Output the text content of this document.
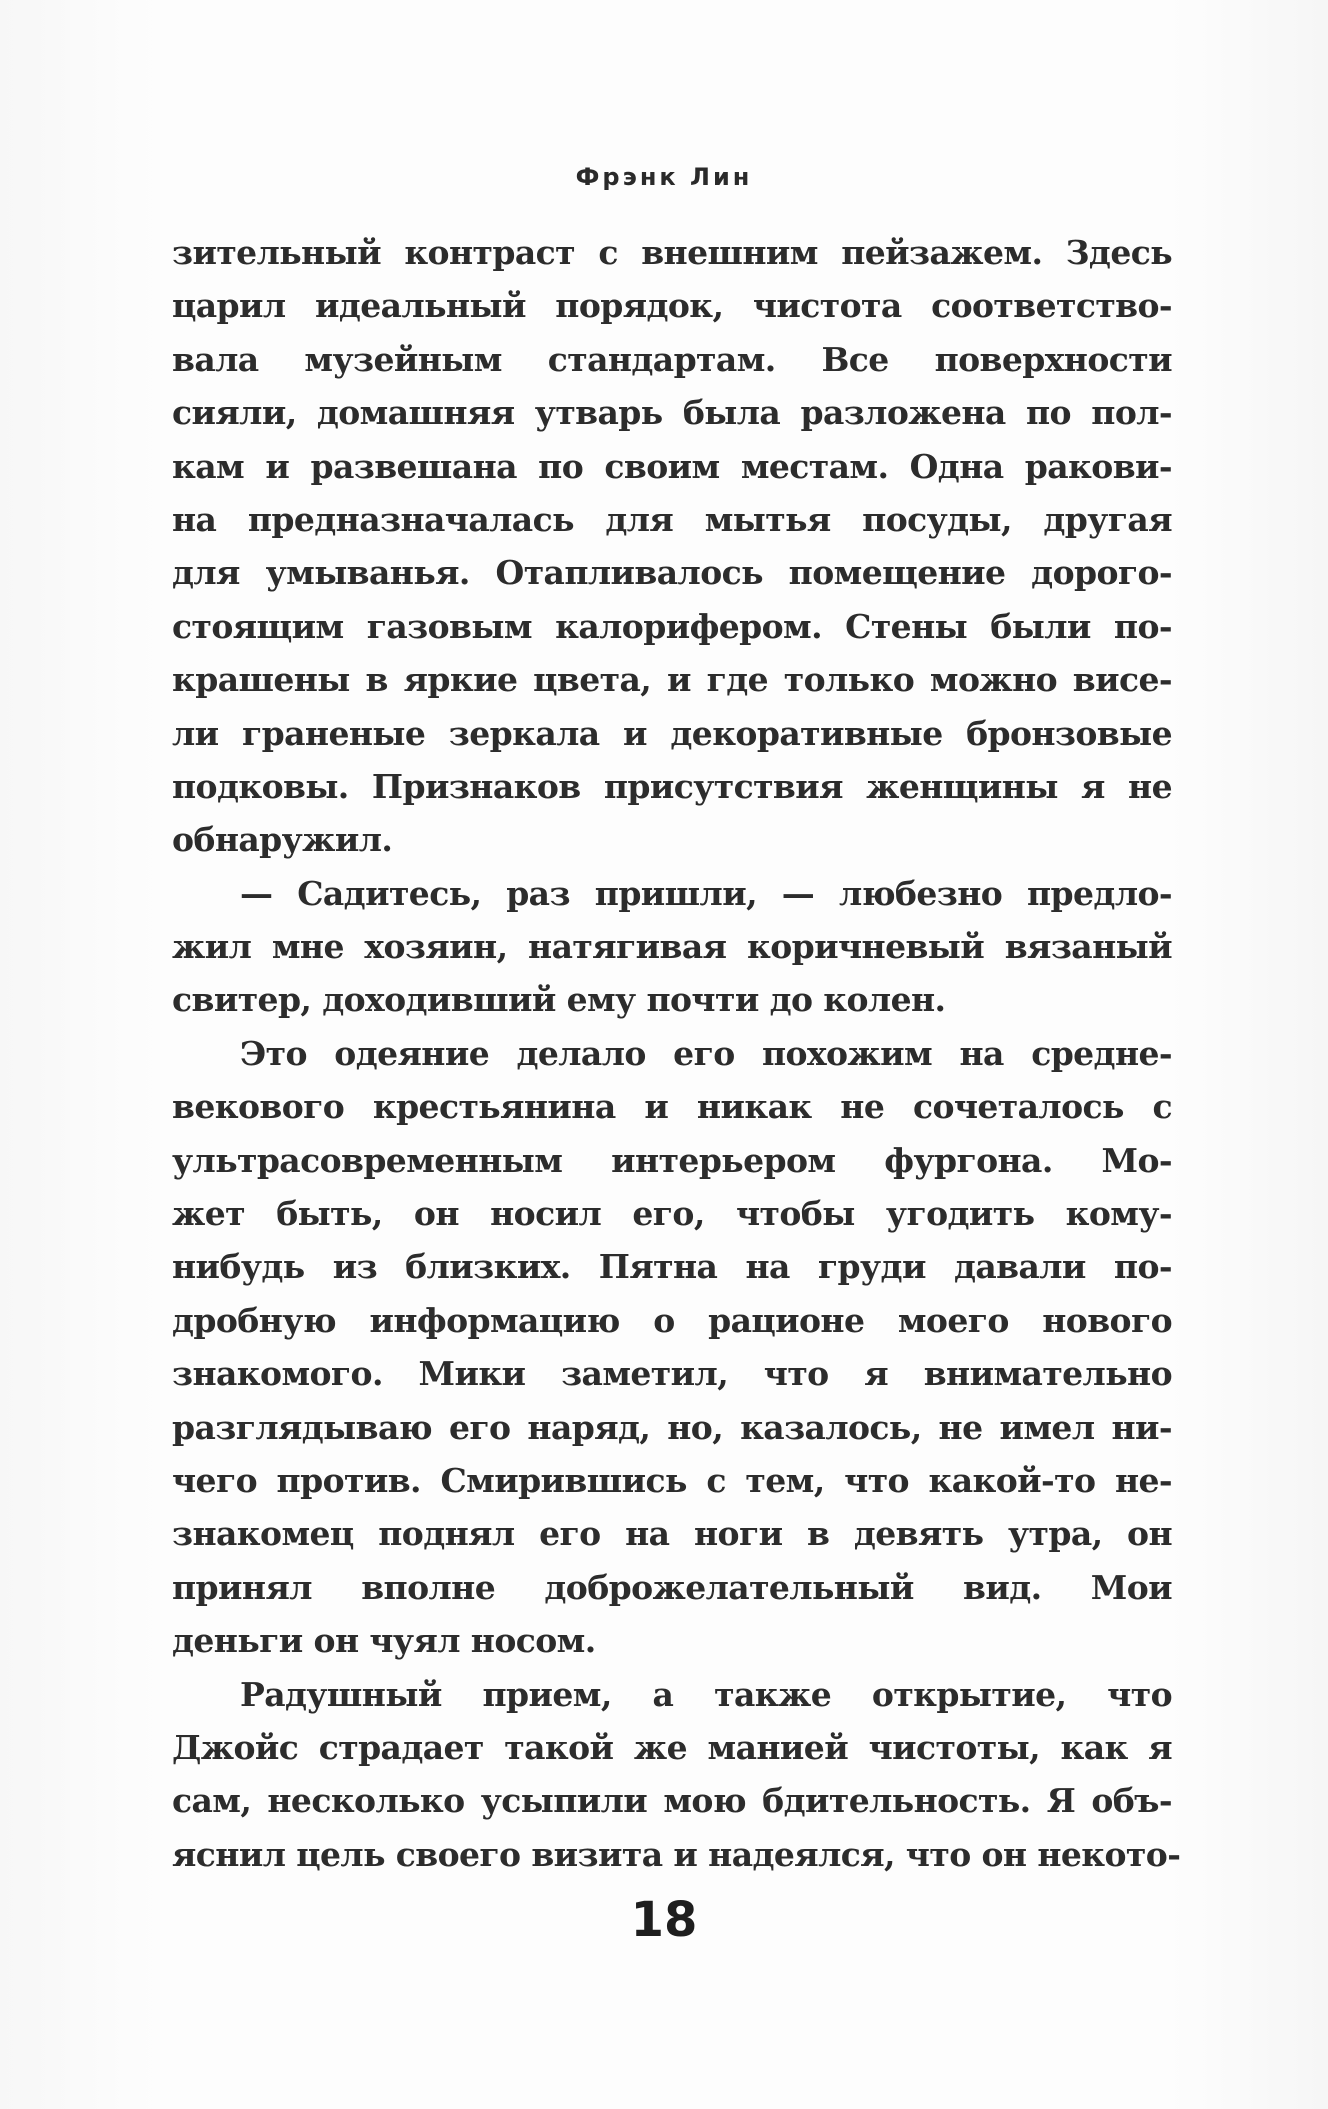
Фрэнк Лин
зительный контраст с внешним пейзажем. Здесь
царил идеальный порядок, чистота соответство-
вала музейным стандартам. Все поверхности
сияли, домашняя утварь была разложена по пол-
кам и развешана по своим местам. Одна ракови-
на предназначалась для мытья посуды, другая
для умыванья. Отапливалось помещение дорого-
стоящим газовым калорифером. Стены были по-
крашены в яркие цвета, и где только можно висе-
ли граненые зеркала и декоративные бронзовые
подковы. Признаков присутствия женщины я не
обнаружил.
— Садитесь, раз пришли, — любезно предло-
жил мне хозяин, натягивая коричневый вязаный
свитер, доходивший ему почти до колен.
Это одеяние делало его похожим на средне-
векового крестьянина и никак не сочеталось с
ультрасовременным интерьером фургона. Мо-
жет быть, он носил его, чтобы угодить кому-
нибудь из близких. Пятна на груди давали по-
дробную информацию о рационе моего нового
знакомого. Мики заметил, что я внимательно
разглядываю его наряд, но, казалось, не имел ни-
чего против. Смирившись с тем, что какой-то не-
знакомец поднял его на ноги в девять утра, он
принял вполне доброжелательный вид. Мои
деньги он чуял носом.
Радушный прием, а также открытие, что
Джойс страдает такой же манией чистоты, как я
сам, несколько усыпили мою бдительность. Я объ-
яснил цель своего визита и надеялся, что он некото-
18
